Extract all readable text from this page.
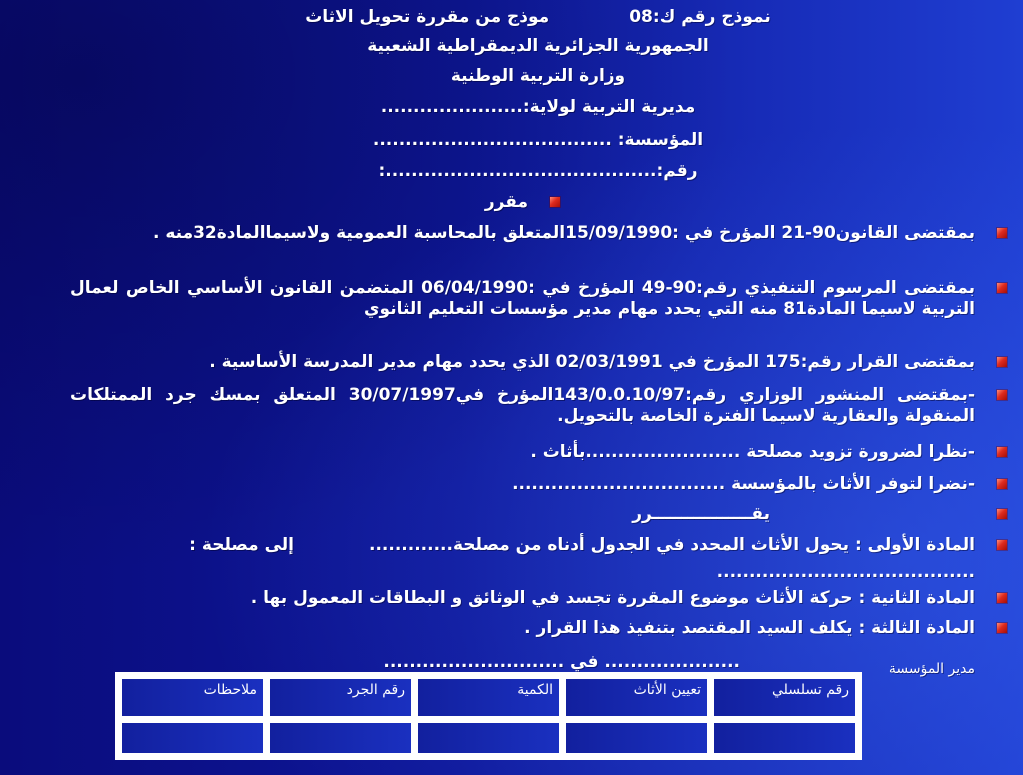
نموذج رقم ك:08موذج من مقررة تحويل الاثاث
الجمهورية الجزائرية الديمقراطية الشعبية
وزارة التربية الوطنية
مديرية التربية لولاية:......................
المؤسسة: .....................................
رقم:..........................................:
مقرر
بمقتضى القانون90-21 المؤرخ في :15/09/1990المتعلق بالمحاسبة العمومية ولاسيماالمادة32منه .
بمقتضى المرسوم التنفيذي رقم:90-49 المؤرخ في :06/04/1990 المتضمن القانون الأساسي الخاص لعمال التربية لاسيما المادة81 منه التي يحدد مهام مدير مؤسسات التعليم الثانوي
بمقتضى القرار رقم:175 المؤرخ في 02/03/1991 الذي يحدد مهام مدير المدرسة الأساسية .
-بمقتضى المنشور الوزاري رقم:143/0.0.10/97المؤرخ في30/07/1997 المتعلق بمسك جرد الممتلكات المنقولة والعقارية لاسيما الفترة الخاصة بالتحويل.
-نظرا لضرورة تزويد مصلحة ........................بأثاث .
-نضرا لتوفر الأثاث بالمؤسسة .................................
يقـــــــــــــــــرر
المادة الأولى : يحول الأثاث المحدد في الجدول أدناه من مصلحة.............إلى مصلحة :
........................................
المادة الثانية : حركة الأثاث موضوع المقررة تجسد في الوثائق و البطاقات المعمول بها .
المادة الثالثة : يكلف السيد المقتصد بتنفيذ هذا القرار .
..................... في ............................	مدير المؤسسة
رقم تسلسلي
تعيين الأثاث
الكمية
رقم الجرد
ملاحظات
